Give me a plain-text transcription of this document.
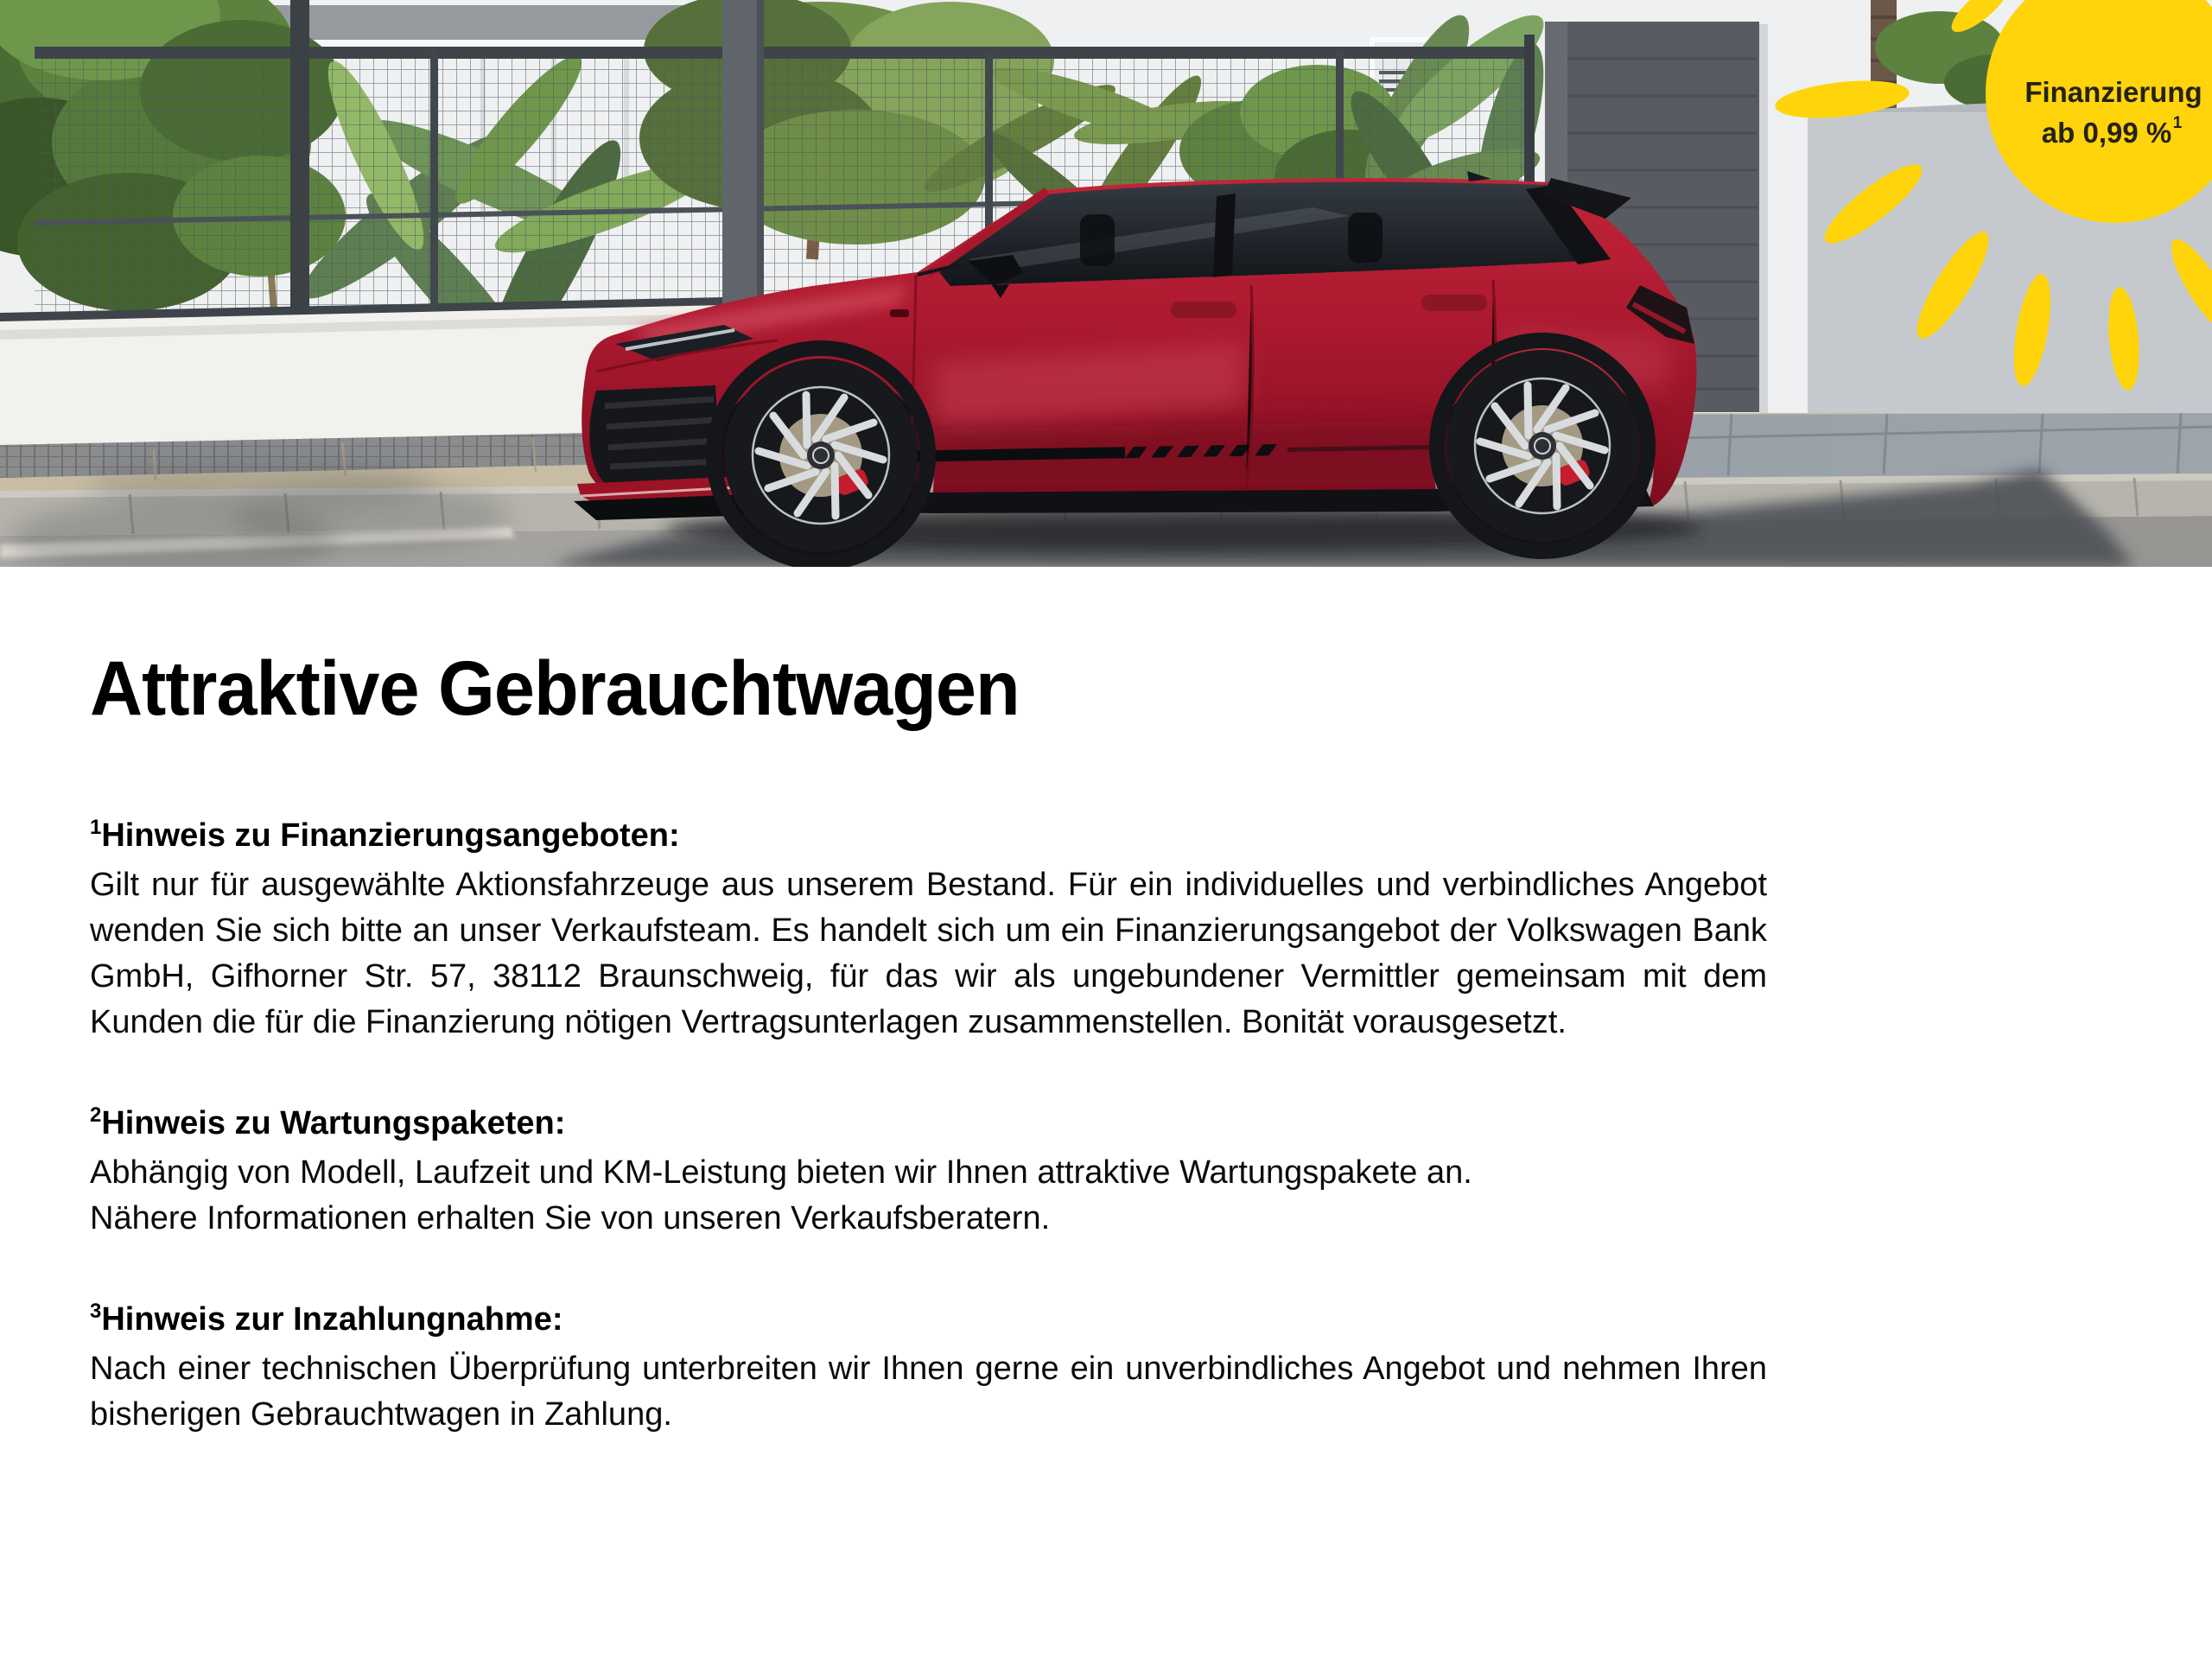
Finanzierung
ab 0,99 % 1
Attraktive Gebrauchtwagen

$^1$Hinweis zu Finanzierungsangeboten:

Gilt nur für ausgewählte Aktionsfahrzeuge aus unserem Bestand. Für ein individuelles und verbindliches Angebot wenden Sie sich bitte an unser Verkaufsteam. Es handelt sich um ein Finanzierungsangebot der Volkswagen Bank GmbH, Gifhorner Str. 57, 38112 Braunschweig, für das wir als ungebundener Vermittler gemeinsam mit dem Kunden die für die Finanzierung nötigen Vertragsunterlagen zusammenstellen. Bonität vorausgesetzt.

$^2$Hinweis zu Wartungspaketen:

Abhängig von Modell, Laufzeit und KM-Leistung bieten wir Ihnen attraktive Wartungspakete an.
Nähere Informationen erhalten Sie von unseren Verkaufsberatern.

$^3$Hinweis zur Inzahlungnahme:

Nach einer technischen Überprüfung unterbreiten wir Ihnen gerne ein unverbindliches Angebot und nehmen Ihren bisherigen Gebrauchtwagen in Zahlung.
